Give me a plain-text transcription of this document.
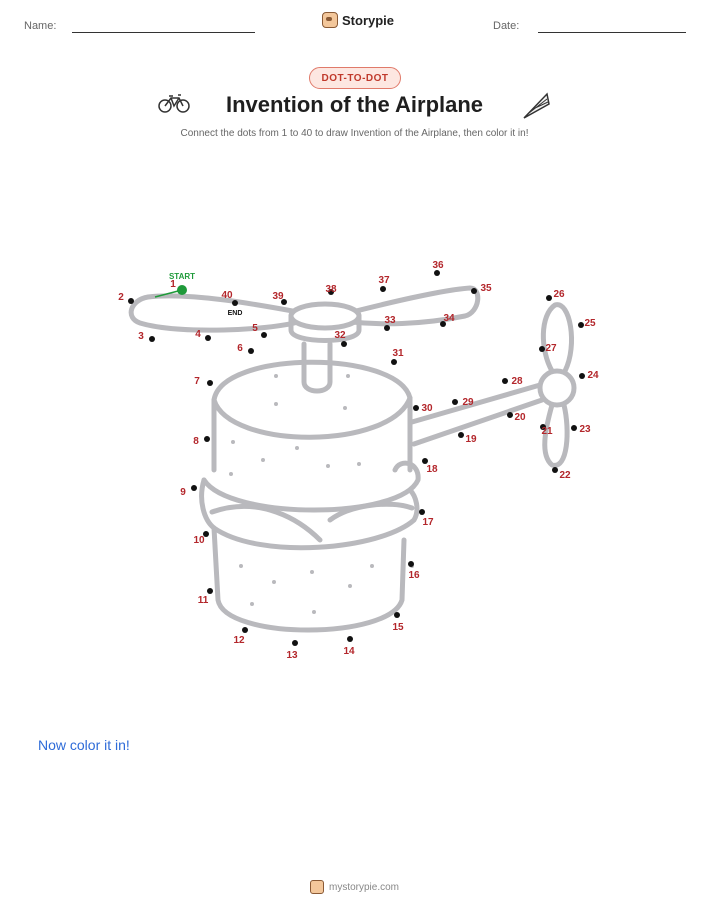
Name:	Storypie	Date:
DOT-TO-DOT
Invention of the Airplane
Connect the dots from 1 to 40 to draw Invention of the Airplane, then color it in!
START
END
1
2
3	4
5
6
7
8
9
10
11
12
13	14
15
16
17
18
19
20
21
22
23
24
25
26
27
28
29
30
31
32
33	34
35
36
37
38
39
40
Now color it in!
mystorypie.com
